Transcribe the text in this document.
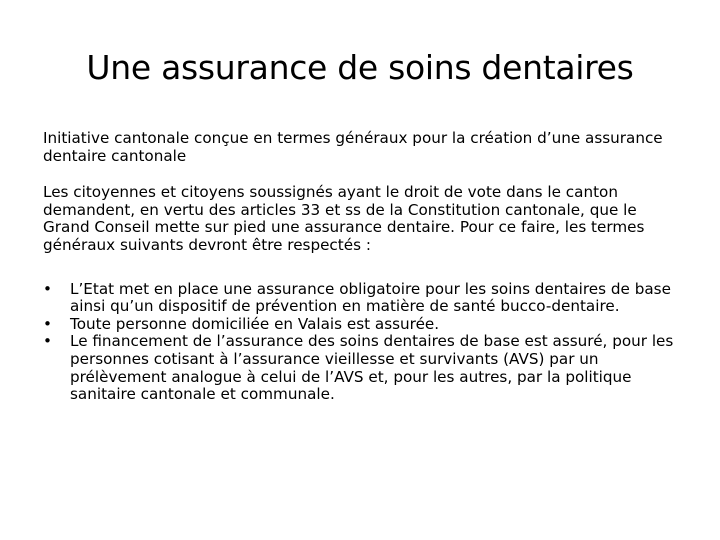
Une assurance de soins dentaires

Initiative cantonale conçue en termes généraux pour la création d’une assurance dentaire cantonale

Les citoyennes et citoyens soussignés ayant le droit de vote dans le canton demandent, en vertu des articles 33 et ss de la Constitution cantonale, que le Grand Conseil mette sur pied une assurance dentaire. Pour ce faire, les termes généraux suivants devront être respectés :

•	L’Etat met en place une assurance obligatoire pour les soins dentaires de base ainsi qu’un dispositif de prévention en matière de santé bucco-dentaire.
•	Toute personne domiciliée en Valais est assurée.
•	Le financement de l’assurance des soins dentaires de base est assuré, pour les personnes cotisant à l’assurance vieillesse et survivants (AVS) par un prélèvement analogue à celui de l’AVS et, pour les autres, par la politique sanitaire cantonale et communale.
